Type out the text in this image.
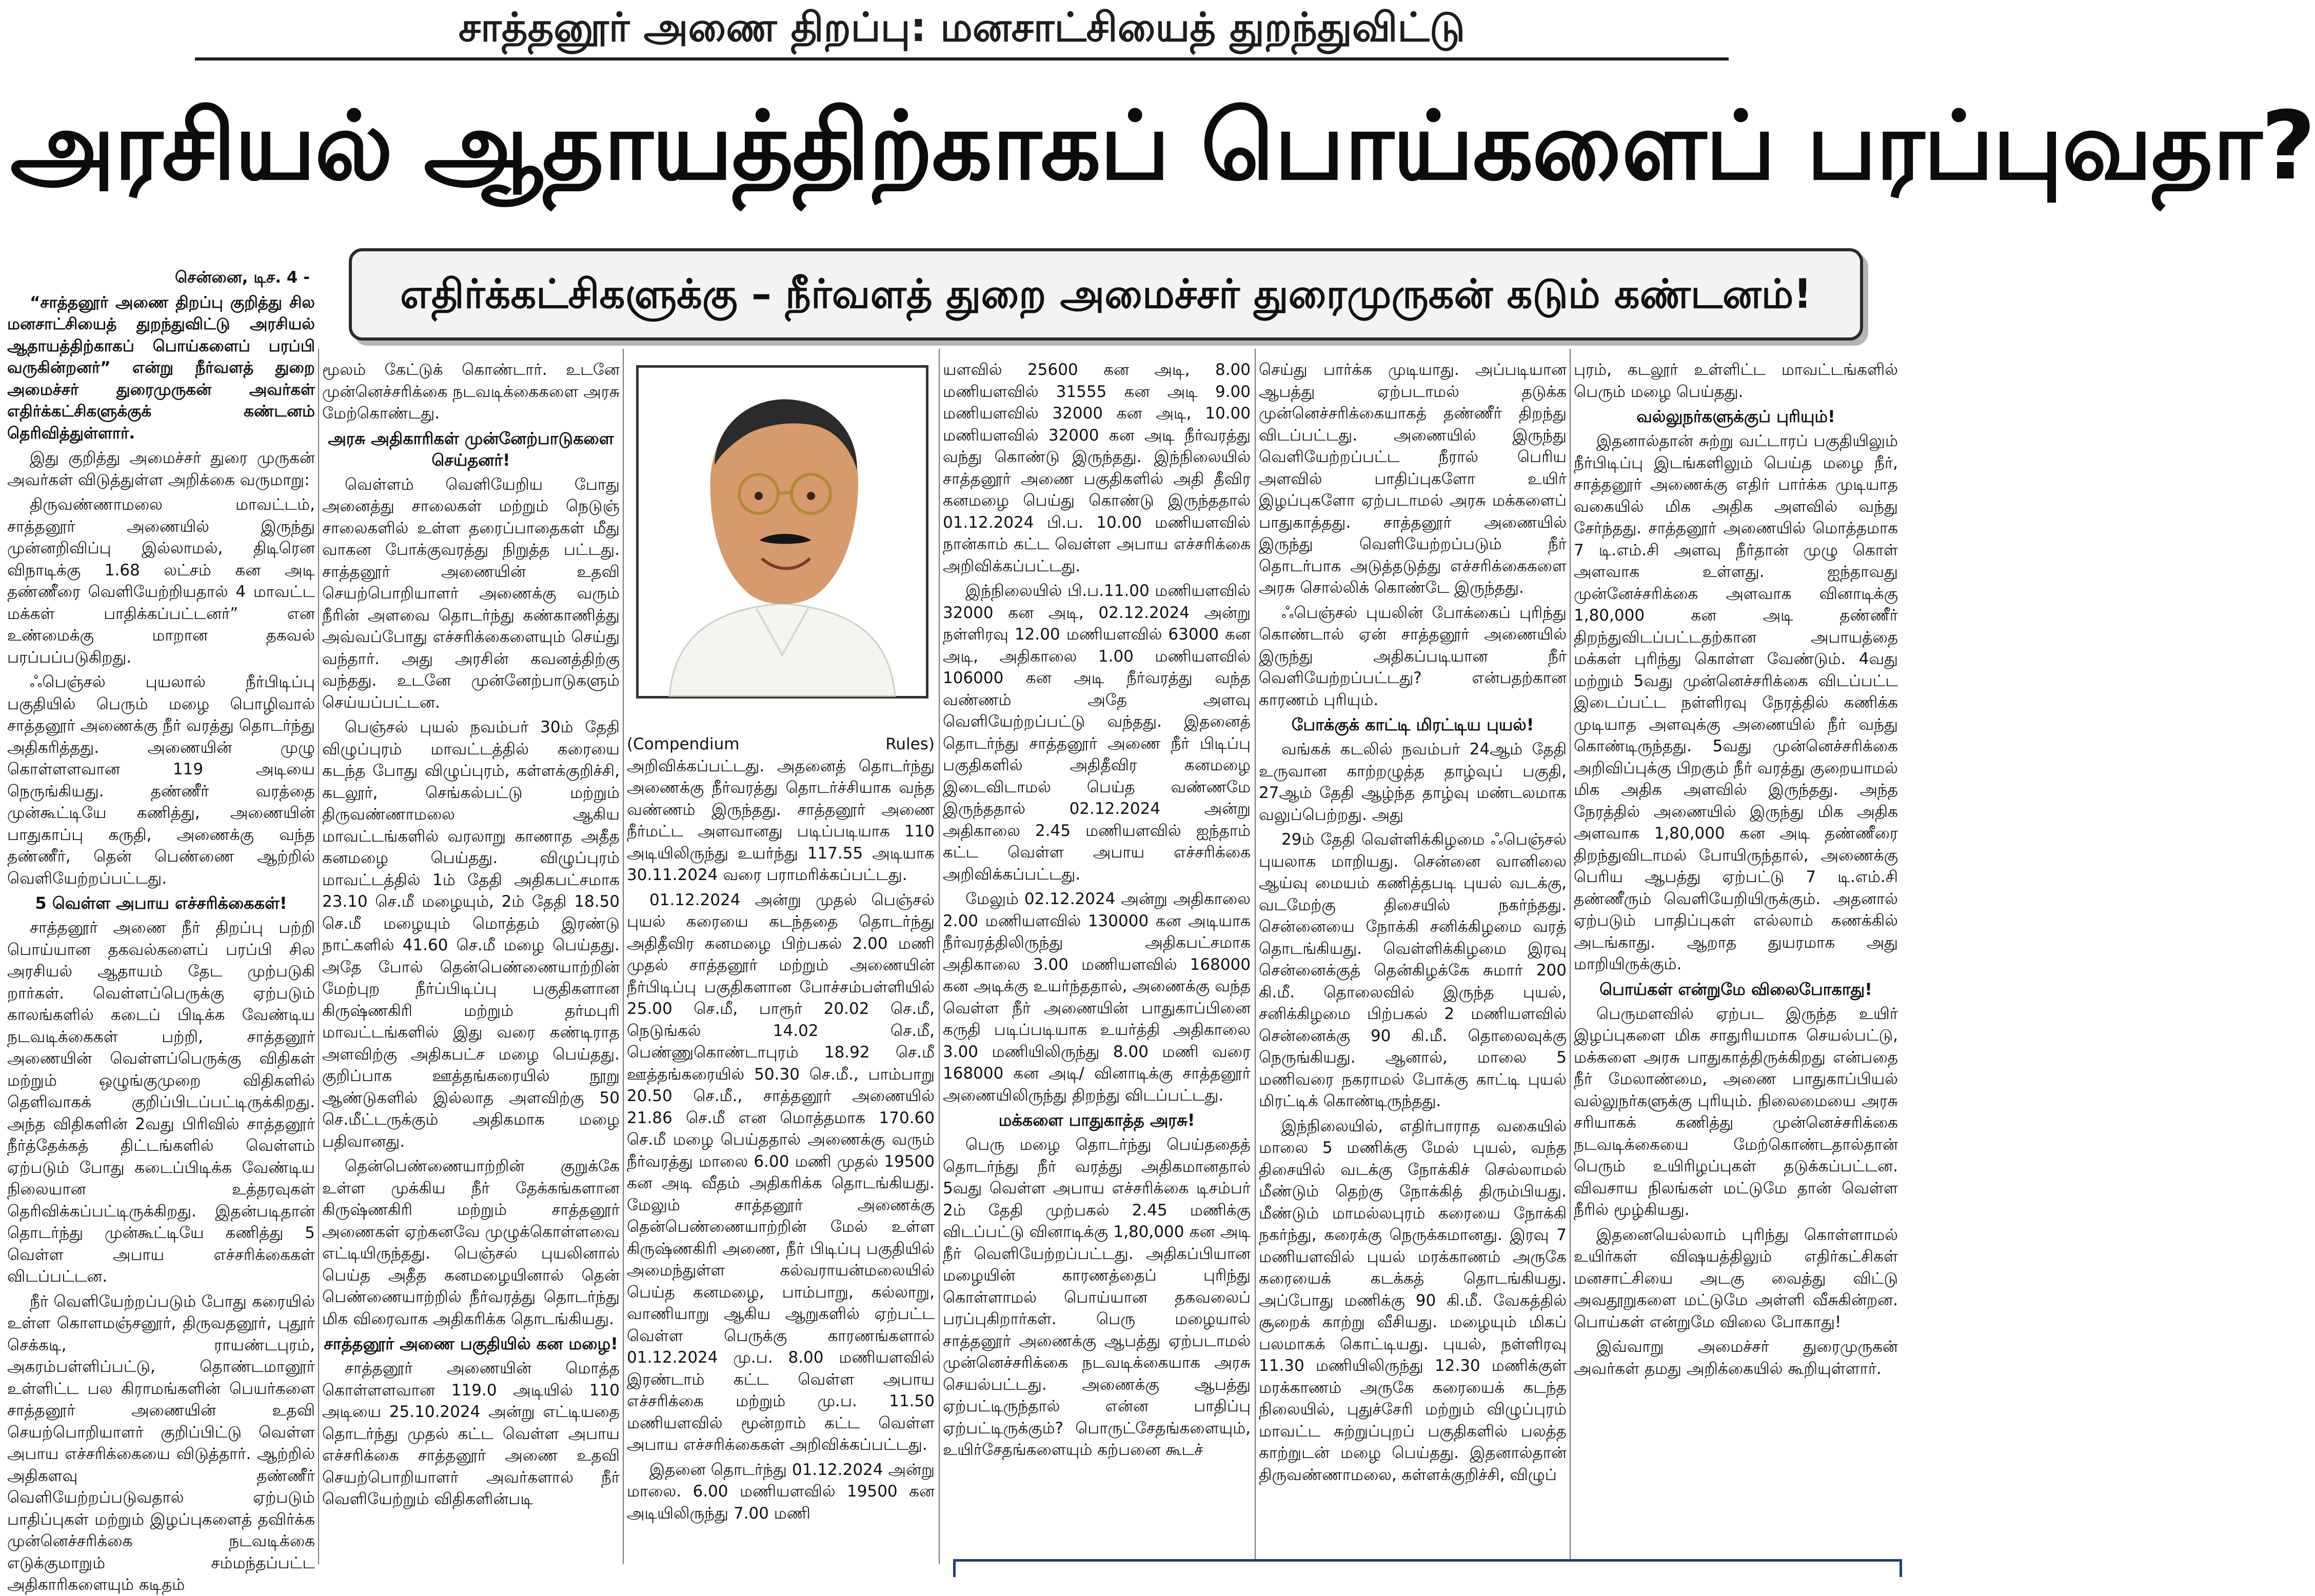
சாத்தனூர் அணை திறப்பு: மனசாட்சியைத் துறந்துவிட்டு
அரசியல் ஆதாயத்திற்காகப் பொய்களைப் பரப்புவதா?
எதிர்க்கட்சிகளுக்கு – நீர்வளத் துறை அமைச்சர் துரைமுருகன் கடும் கண்டனம்!

சென்னை, டிச. 4 -

“சாத்தனூர் அணை திறப்பு குறித்து சில மனசாட்சியைத் துறந்துவிட்டு அரசியல் ஆதாயத்திற்காகப் பொய்களைப் பரப்பி வருகின்றனர்” என்று நீர்வளத் துறை அமைச்சர் துரைமுருகன் அவர்கள் எதிர்க்கட்சிகளுக்குக் கண்டனம் தெரிவித்துள்ளார்.

இது குறித்து அமைச்சர் துரை முருகன் அவர்கள் விடுத்துள்ள அறிக்கை வருமாறு:

திருவண்ணாமலை மாவட்டம், சாத்தனூர் அணையில் இருந்து முன்னறிவிப்பு இல்லாமல், திடிரென விநாடிக்கு 1.68 லட்சம் கன அடி தண்ணீரை வெளியேற்றியதால் 4 மாவட்ட மக்கள் பாதிக்கப்பட்டனர்” என உண்மைக்கு மாறான தகவல் பரப்பப்படுகிறது.

ஃபெஞ்சல் புயலால் நீர்பிடிப்பு பகுதியில் பெரும் மழை பொழிவால் சாத்தனூர் அணைக்கு நீர் வரத்து தொடர்ந்து அதிகரித்தது. அணையின் முழு கொள்ளளவான 119 அடியை நெருங்கியது. தண்ணீர் வரத்தை முன்கூட்டியே கணித்து, அணையின் பாதுகாப்பு கருதி, அணைக்கு வந்த தண்ணீர், தென் பெண்ணை ஆற்றில் வெளியேற்றப்பட்டது.

5 வெள்ள அபாய எச்சரிக்கைகள்!

சாத்தனூர் அணை நீர் திறப்பு பற்றி பொய்யான தகவல்களைப் பரப்பி சில அரசியல் ஆதாயம் தேட முற்படுகி றார்கள். வெள்ளப்பெருக்கு ஏற்படும் காலங்களில் கடைப் பிடிக்க வேண்டிய நடவடிக்கைகள் பற்றி, சாத்தனூர் அணையின் வெள்ளப்பெருக்கு விதிகள் மற்றும் ஒழுங்குமுறை விதிகளில் தெளிவாகக் குறிப்பிடப்பட்டிருக்கிறது. அந்த விதிகளின் 2வது பிரிவில் சாத்தனூர் நீர்த்தேக்கத் திட்டங்களில் வெள்ளம் ஏற்படும் போது கடைப்பிடிக்க வேண்டிய நிலையான உத்தரவுகள் தெரிவிக்கப்பட்டிருக்கிறது. இதன்படிதான் தொடர்ந்து முன்கூட்டியே கணித்து 5 வெள்ள அபாய எச்சரிக்கைகள் விடப்பட்டன.

நீர் வெளியேற்றப்படும் போது கரையில் உள்ள கொளமஞ்சனூர், திருவதனூர், புதூர் செக்கடி, ராயண்டபுரம், அகரம்பள்ளிப்பட்டு, தொண்டமானூர் உள்ளிட்ட பல கிராமங்களின் பெயர்களை சாத்தனூர் அணையின் உதவி செயற்பொறியாளர் குறிப்பிட்டு வெள்ள அபாய எச்சரிக்கையை விடுத்தார். ஆற்றில் அதிகளவு தண்ணீர் வெளியேற்றப்படுவதால் ஏற்படும் பாதிப்புகள் மற்றும் இழப்புகளைத் தவிர்க்க முன்னெச்சரிக்கை நடவடிக்கை எடுக்குமாறும் சம்மந்தப்பட்ட அதிகாரிகளையும் கடிதம்

மூலம் கேட்டுக் கொண்டார். உடனே முன்னெச்சரிக்கை நடவடிக்கைகளை அரசு மேற்கொண்டது.

அரசு அதிகாரிகள் முன்னேற்பாடுகளை செய்தனர்!

வெள்ளம் வெளியேறிய போது அனைத்து சாலைகள் மற்றும் நெடுஞ் சாலைகளில் உள்ள தரைப்பாதைகள் மீது வாகன போக்குவரத்து நிறுத்த பட்டது. சாத்தனூர் அணையின் உதவி செயற்பொறியாளர் அணைக்கு வரும் நீரின் அளவை தொடர்ந்து கண்காணித்து அவ்வப்போது எச்சரிக்கைளையும் செய்து வந்தார். அது அரசின் கவனத்திற்கு வந்தது. உடனே முன்னேற்பாடுகளும் செய்யப்பட்டன.

பெஞ்சல் புயல் நவம்பர் 30ம் தேதி விழுப்புரம் மாவட்டத்தில் கரையை கடந்த போது விழுப்புரம், கள்ளக்குறிச்சி, கடலூர், செங்கல்பட்டு மற்றும் திருவண்ணாமலை ஆகிய மாவட்டங்களில் வரலாறு காணாத அதீத கனமழை பெய்தது. விழுப்புரம் மாவட்டத்தில் 1ம் தேதி அதிகபட்சமாக 23.10 செ.மீ மழையும், 2ம் தேதி 18.50 செ.மீ மழையும் மொத்தம் இரண்டு நாட்களில் 41.60 செ.மீ மழை பெய்தது. அதே போல் தென்பெண்ணையாற்றின் மேற்புற நீர்ப்பிடிப்பு பகுதிகளான கிருஷ்ணகிரி மற்றும் தர்மபுரி மாவட்டங்களில் இது வரை கண்டிராத அளவிற்கு அதிகபட்ச மழை பெய்தது. குறிப்பாக ஊத்தங்கரையில் நூறு ஆண்டுகளில் இல்லாத அளவிற்கு 50 செ.மீட்டருக்கும் அதிகமாக மழை பதிவானது.

தென்பெண்ணையாற்றின் குறுக்கே உள்ள முக்கிய நீர் தேக்கங்களான கிருஷ்ணகிரி மற்றும் சாத்தனூர் அணைகள் ஏற்கனவே முழுக்கொள்ளவை எட்டியிருந்தது. பெஞ்சல் புயலினால் பெய்த அதீத கனமழையினால் தென் பெண்ணையாற்றில் நீர்வரத்து தொடர்ந்து மிக விரைவாக அதிகரிக்க தொடங்கியது.

சாத்தனூர் அணை பகுதியில் கன மழை!

சாத்தனூர் அணையின் மொத்த கொள்ளளவான 119.0 அடியில் 110 அடியை 25.10.2024 அன்று எட்டியதை தொடர்ந்து முதல் கட்ட வெள்ள அபாய எச்சரிக்கை சாத்தனூர் அணை உதவி செயற்பொறியாளர் அவர்களால் நீர் வெளியேற்றும் விதிகளின்படி

(Compendium Rules) அறிவிக்கப்பட்டது. அதனைத் தொடர்ந்து அணைக்கு நீர்வரத்து தொடர்ச்சியாக வந்த வண்ணம் இருந்தது. சாத்தனூர் அணை நீர்மட்ட அளவானது படிப்படியாக 110 அடியிலிருந்து உயர்ந்து 117.55 அடியாக 30.11.2024 வரை பராமரிக்கப்பட்டது.

01.12.2024 அன்று முதல் பெஞ்சல் புயல் கரையை கடந்ததை தொடர்ந்து அதிதீவிர கனமழை பிற்பகல் 2.00 மணி முதல் சாத்தனூர் மற்றும் அணையின் நீர்பிடிப்பு பகுதிகளான போச்சம்பள்ளியில் 25.00 செ.மீ, பாரூர் 20.02 செ.மீ, நெடுங்கல் 14.02 செ.மீ, பெண்ணுகொண்டாபுரம் 18.92 செ.மீ ஊத்தங்கரையில் 50.30 செ.மீ., பாம்பாறு 20.50 செ.மீ., சாத்தனூர் அணையில் 21.86 செ.மீ என மொத்தமாக 170.60 செ.மீ மழை பெய்ததால் அணைக்கு வரும் நீர்வரத்து மாலை 6.00 மணி முதல் 19500 கன அடி வீதம் அதிகரிக்க தொடங்கியது. மேலும் சாத்தனூர் அணைக்கு தென்பெண்ணையாற்றின் மேல் உள்ள கிருஷ்ணகிரி அணை, நீர் பிடிப்பு பகுதியில் அமைந்துள்ள கல்வராயன்மலையில் பெய்த கனமழை, பாம்பாறு, கல்லாறு, வாணியாறு ஆகிய ஆறுகளில் ஏற்பட்ட வெள்ள பெருக்கு காரணங்களால் 01.12.2024 மு.ப. 8.00 மணியளவில் இரண்டாம் கட்ட வெள்ள அபாய எச்சரிக்கை மற்றும் மு.ப. 11.50 மணியளவில் மூன்றாம் கட்ட வெள்ள அபாய எச்சரிக்கைகள் அறிவிக்கப்பட்டது.

இதனை தொடர்ந்து 01.12.2024 அன்று மாலை. 6.00 மணியளவில் 19500 கன அடியிலிருந்து 7.00 மணி

யளவில் 25600 கன அடி, 8.00 மணியளவில் 31555 கன அடி 9.00 மணியளவில் 32000 கன அடி, 10.00 மணியளவில் 32000 கன அடி நீர்வரத்து வந்து கொண்டு இருந்தது. இந்நிலையில் சாத்தனூர் அணை பகுதிகளில் அதி தீவிர கனமழை பெய்து கொண்டு இருந்ததால் 01.12.2024 பி.ப. 10.00 மணியளவில் நான்காம் கட்ட வெள்ள அபாய எச்சரிக்கை அறிவிக்கப்பட்டது.

இந்நிலையில் பி.ப.11.00 மணியளவில் 32000 கன அடி, 02.12.2024 அன்று நள்ளிரவு 12.00 மணியளவில் 63000 கன அடி, அதிகாலை 1.00 மணியளவில் 106000 கன அடி நீர்வரத்து வந்த வண்ணம் அதே அளவு வெளியேற்றப்பட்டு வந்தது. இதனைத் தொடர்ந்து சாத்தனூர் அணை நீர் பிடிப்பு பகுதிகளில் அதிதீவிர கனமழை இடைவிடாமல் பெய்த வண்ணமே இருந்ததால் 02.12.2024 அன்று அதிகாலை 2.45 மணியளவில் ஐந்தாம் கட்ட வெள்ள அபாய எச்சரிக்கை அறிவிக்கப்பட்டது.

மேலும் 02.12.2024 அன்று அதிகாலை 2.00 மணியளவில் 130000 கன அடியாக நீர்வரத்திலிருந்து அதிகபட்சமாக அதிகாலை 3.00 மணியளவில் 168000 கன அடிக்கு உயர்ந்ததால், அணைக்கு வந்த வெள்ள நீர் அணையின் பாதுகாப்பினை கருதி படிப்படியாக உயர்த்தி அதிகாலை 3.00 மணியிலிருந்து 8.00 மணி வரை 168000 கன அடி/ வினாடிக்கு சாத்தனூர் அணையிலிருந்து திறந்து விடப்பட்டது.

மக்களை பாதுகாத்த அரசு!

பெரு மழை தொடர்ந்து பெய்ததைத் தொடர்ந்து நீர் வரத்து அதிகமானதால் 5வது வெள்ள அபாய எச்சரிக்கை டிசம்பர் 2ம் தேதி முற்பகல் 2.45 மணிக்கு விடப்பட்டு வினாடிக்கு 1,80,000 கன அடி நீர் வெளியேற்றப்பட்டது. அதிகப்பியான மழையின் காரணத்தைப் புரிந்து கொள்ளாமல் பொய்யான தகவலைப் பரப்புகிறார்கள். பெரு மழையால் சாத்தனூர் அணைக்கு ஆபத்து ஏற்படாமல் முன்னெச்சரிக்கை நடவடிக்கையாக அரசு செயல்பட்டது. அணைக்கு ஆபத்து ஏற்பட்டிருந்தால் என்ன பாதிப்பு ஏற்பட்டிருக்கும்? பொருட்சேதங்களையும், உயிர்சேதங்களையும் கற்பனை கூடச்

செய்து பார்க்க முடியாது. அப்படியான ஆபத்து ஏற்படாமல் தடுக்க முன்னெச்சரிக்கையாகத் தண்ணீர் திறந்து விடப்பட்டது. அணையில் இருந்து வெளியேற்றப்பட்ட நீரால் பெரிய அளவில் பாதிப்புகளோ உயிர் இழப்புகளோ ஏற்படாமல் அரசு மக்களைப் பாதுகாத்தது. சாத்தனூர் அணையில் இருந்து வெளியேற்றப்படும் நீர் தொடர்பாக அடுத்தடுத்து எச்சரிக்கைகளை அரசு சொல்லிக் கொண்டே இருந்தது.

ஃபெஞ்சல் புயலின் போக்கைப் புரிந்து கொண்டால் ஏன் சாத்தனூர் அணையில் இருந்து அதிகப்படியான நீர் வெளியேற்றப்பட்டது? என்பதற்கான காரணம் புரியும்.

போக்குக் காட்டி மிரட்டிய புயல்!

வங்கக் கடலில் நவம்பர் 24ஆம் தேதி உருவான காற்றழுத்த தாழ்வுப் பகுதி, 27ஆம் தேதி ஆழ்ந்த தாழ்வு மண்டலமாக வலுப்பெற்றது. அது

29ம் தேதி வெள்ளிக்கிழமை ஃபெஞ்சல் புயலாக மாறியது. சென்னை வானிலை ஆய்வு மையம் கணித்தபடி புயல் வடக்கு, வடமேற்கு திசையில் நகர்ந்தது. சென்னையை நோக்கி சனிக்கிழமை வரத் தொடங்கியது. வெள்ளிக்கிழமை இரவு சென்னைக்குத் தென்கிழக்கே சுமார் 200 கி.மீ. தொலைவில் இருந்த புயல், சனிக்கிழமை பிற்பகல் 2 மணியளவில் சென்னைக்கு 90 கி.மீ. தொலைவுக்கு நெருங்கியது. ஆனால், மாலை 5 மணிவரை நகராமல் போக்கு காட்டி புயல் மிரட்டிக் கொண்டிருந்தது.

இந்நிலையில், எதிர்பாராத வகையில் மாலை 5 மணிக்கு மேல் புயல், வந்த திசையில் வடக்கு நோக்கிச் செல்லாமல் மீண்டும் தெற்கு நோக்கித் திரும்பியது. மீண்டும் மாமல்லபுரம் கரையை நோக்கி நகர்ந்து, கரைக்கு நெருக்கமானது. இரவு 7 மணியளவில் புயல் மரக்காணம் அருகே கரையைக் கடக்கத் தொடங்கியது. அப்போது மணிக்கு 90 கி.மீ. வேகத்தில் சூறைக் காற்று வீசியது. மழையும் மிகப் பலமாகக் கொட்டியது. புயல், நள்ளிரவு 11.30 மணியிலிருந்து 12.30 மணிக்குள் மரக்காணம் அருகே கரையைக் கடந்த நிலையில், புதுச்சேரி மற்றும் விழுப்புரம் மாவட்ட சுற்றுப்புறப் பகுதிகளில் பலத்த காற்றுடன் மழை பெய்தது. இதனால்தான் திருவண்ணாமலை, கள்ளக்குறிச்சி, விழுப்

புரம், கடலூர் உள்ளிட்ட மாவட்டங்களில் பெரும் மழை பெய்தது.

வல்லுநர்களுக்குப் புரியும்!

இதனால்தான் சுற்று வட்டாரப் பகுதியிலும் நீர்பிடிப்பு இடங்களிலும் பெய்த மழை நீர், சாத்தனூர் அணைக்கு எதிர் பார்க்க முடியாத வகையில் மிக அதிக அளவில் வந்து சேர்ந்தது. சாத்தனூர் அணையில் மொத்தமாக 7 டி.எம்.சி அளவு நீர்தான் முழு கொள் அளவாக உள்ளது. ஐந்தாவது முன்னேச்சரிக்கை அளவாக வினாடிக்கு 1,80,000 கன அடி தண்ணீர் திறந்துவிடப்பட்டதற்கான அபாயத்தை மக்கள் புரிந்து கொள்ள வேண்டும். 4வது மற்றும் 5வது முன்னெச்சரிக்கை விடப்பட்ட இடைப்பட்ட நள்ளிரவு நேரத்தில் கணிக்க முடியாத அளவுக்கு அணையில் நீர் வந்து கொண்டிருந்தது. 5வது முன்னெச்சரிக்கை அறிவிப்புக்கு பிறகும் நீர் வரத்து குறையாமல் மிக அதிக அளவில் இருந்தது. அந்த நேரத்தில் அணையில் இருந்து மிக அதிக அளவாக 1,80,000 கன அடி தண்ணீரை திறந்துவிடாமல் போயிருந்தால், அணைக்கு பெரிய ஆபத்து ஏற்பட்டு 7 டி.எம்.சி தண்ணீரும் வெளியேறியிருக்கும். அதனால் ஏற்படும் பாதிப்புகள் எல்லாம் கணக்கில் அடங்காது. ஆறாத துயரமாக அது மாறியிருக்கும்.

பொய்கள் என்றுமே விலைபோகாது!

பெருமளவில் ஏற்பட இருந்த உயிர் இழப்புகளை மிக சாதுரியமாக செயல்பட்டு, மக்களை அரசு பாதுகாத்திருக்கிறது என்பதை நீர் மேலாண்மை, அணை பாதுகாப்பியல் வல்லுநர்களுக்கு புரியும். நிலைமையை அரசு சரியாகக் கணித்து முன்னெச்சரிக்கை நடவடிக்கையை மேற்கொண்டதால்தான் பெரும் உயிரிழப்புகள் தடுக்கப்பட்டன. விவசாய நிலங்கள் மட்டுமே தான் வெள்ள நீரில் மூழ்கியது.

இதனையெல்லாம் புரிந்து கொள்ளாமல் உயிர்கள் விஷயத்திலும் எதிர்கட்சிகள் மனசாட்சியை அடகு வைத்து விட்டு அவதூறுகளை மட்டுமே அள்ளி வீசுகின்றன. பொய்கள் என்றுமே விலை போகாது!

இவ்வாறு அமைச்சர் துரைமுருகன் அவர்கள் தமது அறிக்கையில் கூறியுள்ளார்.
